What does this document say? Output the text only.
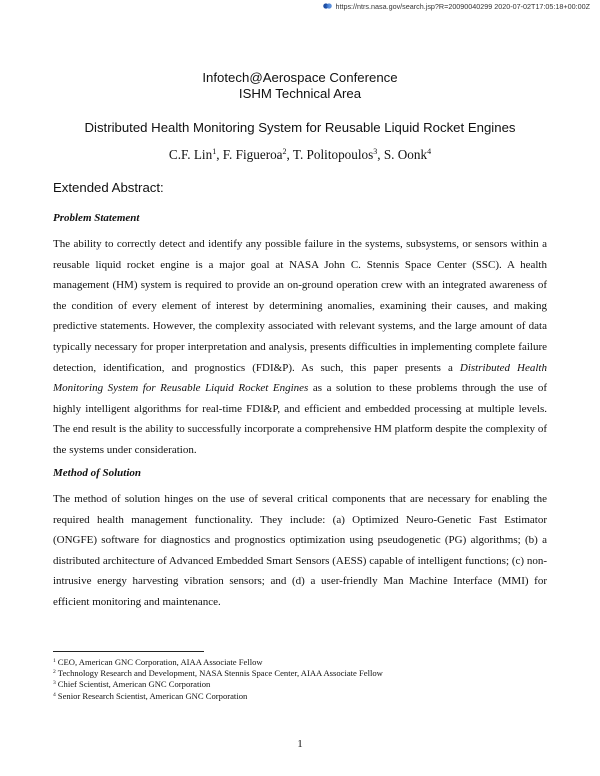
https://ntrs.nasa.gov/search.jsp?R=20090040299 2020-07-02T17:05:18+00:00Z
Infotech@Aerospace Conference
ISHM Technical Area
Distributed Health Monitoring System for Reusable Liquid Rocket Engines
C.F. Lin$^1$, F. Figueroa$^2$, T. Politopoulos$^3$, S. Oonk$^4$
Extended Abstract:
Problem Statement

The ability to correctly detect and identify any possible failure in the systems, subsystems, or sensors within a reusable liquid rocket engine is a major goal at NASA John C. Stennis Space Center (SSC). A health management (HM) system is required to provide an on-ground operation crew with an integrated awareness of the condition of every element of interest by determining anomalies, examining their causes, and making predictive statements. However, the complexity associated with relevant systems, and the large amount of data typically necessary for proper interpretation and analysis, presents difficulties in implementing complete failure detection, identification, and prognostics (FDI&P). As such, this paper presents a Distributed Health Monitoring System for Reusable Liquid Rocket Engines as a solution to these problems through the use of highly intelligent algorithms for real-time FDI&P, and efficient and embedded processing at multiple levels. The end result is the ability to successfully incorporate a comprehensive HM platform despite the complexity of the systems under consideration.

Method of Solution

The method of solution hinges on the use of several critical components that are necessary for enabling the required health management functionality. They include: (a) Optimized Neuro-Genetic Fast Estimator (ONGFE) software for diagnostics and prognostics optimization using pseudogenetic (PG) algorithms; (b) a distributed architecture of Advanced Embedded Smart Sensors (AESS) capable of intelligent functions; (c) non-intrusive energy harvesting vibration sensors; and (d) a user-friendly Man Machine Interface (MMI) for efficient monitoring and maintenance.

$^1$ CEO, American GNC Corporation, AIAA Associate Fellow
$^2$ Technology Research and Development, NASA Stennis Space Center, AIAA Associate Fellow
$^3$ Chief Scientist, American GNC Corporation
$^4$ Senior Research Scientist, American GNC Corporation
1
